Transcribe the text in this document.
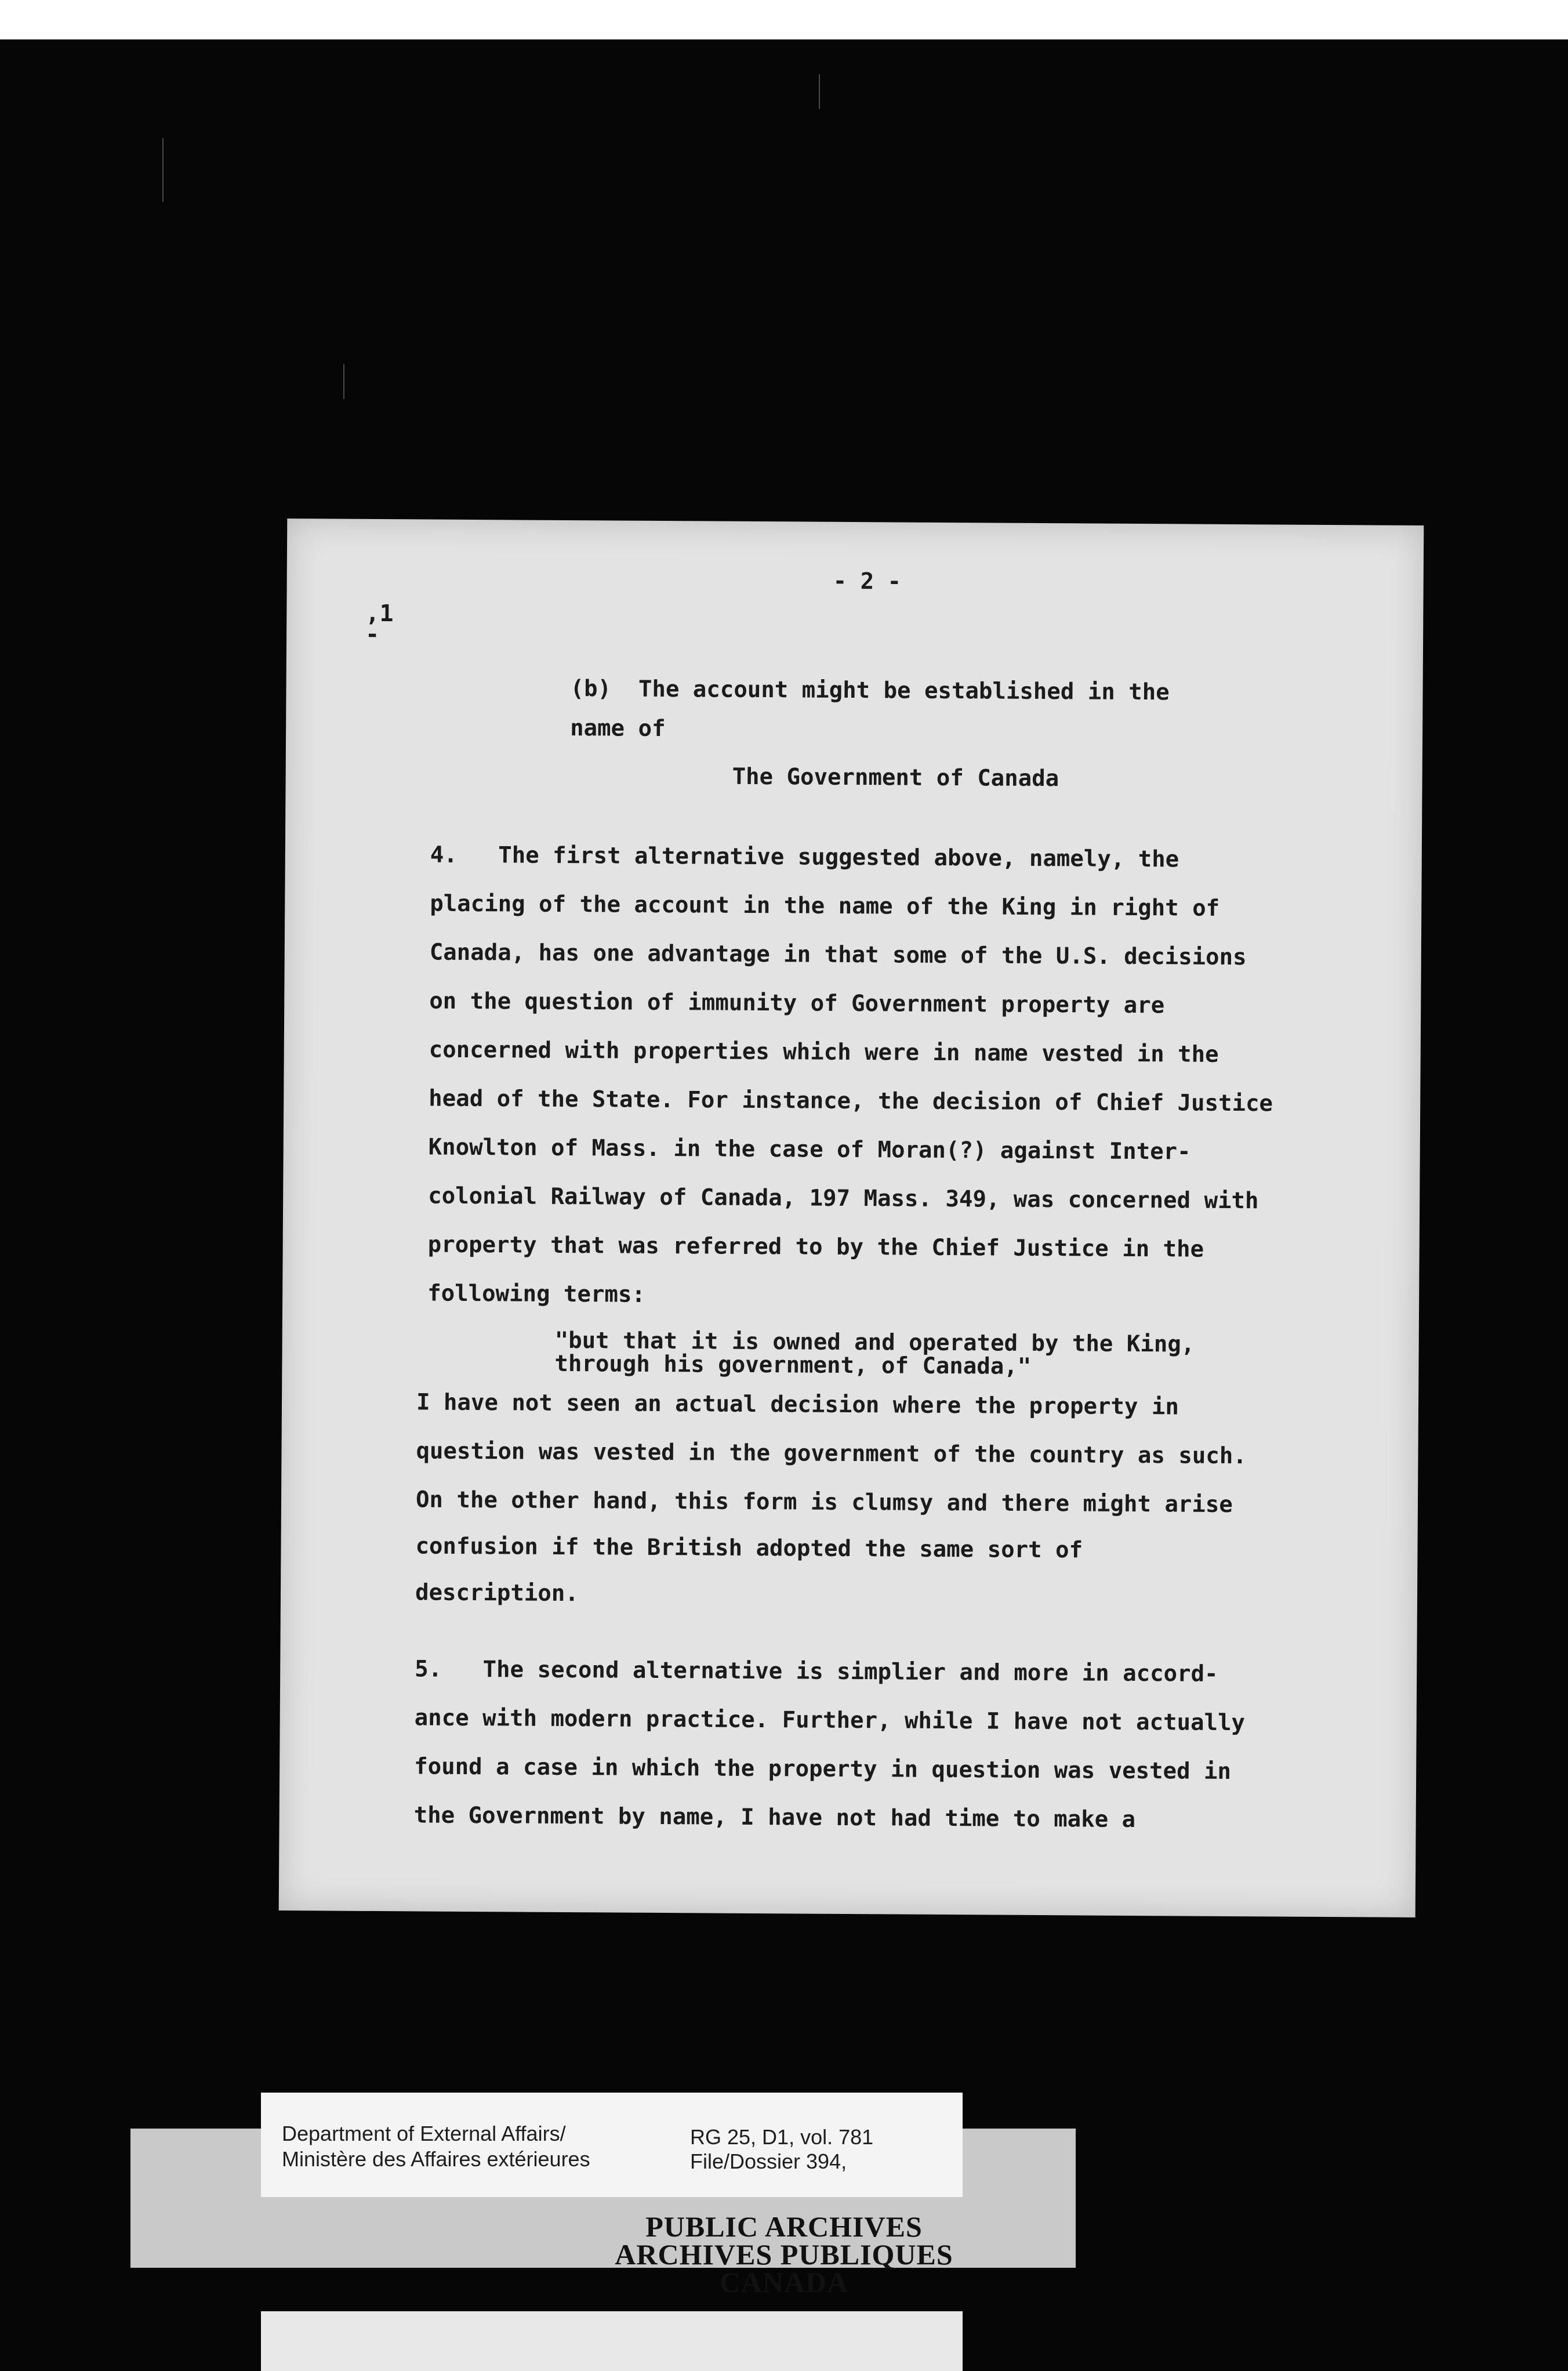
,1
-

- 2 -

(b)  The account might be established in the

name of

The Government of Canada

4.   The first alternative suggested above, namely, the

placing of the account in the name of the King in right of

Canada, has one advantage in that some of the U.S. decisions

on the question of immunity of Government property are

concerned with properties which were in name vested in the

head of the State. For instance, the decision of Chief Justice

Knowlton of Mass. in the case of Moran(?) against Inter-

colonial Railway of Canada, 197 Mass. 349, was concerned with

property that was referred to by the Chief Justice in the

following terms:

"but that it is owned and operated by the King,

through his government, of Canada,"

I have not seen an actual decision where the property in

question was vested in the government of the country as such.

On the other hand, this form is clumsy and there might arise

confusion if the British adopted the same sort of

description.

5.   The second alternative is simplier and more in accord-

ance with modern practice. Further, while I have not actually

found a case in which the property in question was vested in

the Government by name, I have not had time to make a

Department of External Affairs/

Ministère des Affaires extérieures

RG 25, D1, vol. 781

File/Dossier 394,

PUBLIC ARCHIVES
ARCHIVES PUBLIQUES
CANADA
